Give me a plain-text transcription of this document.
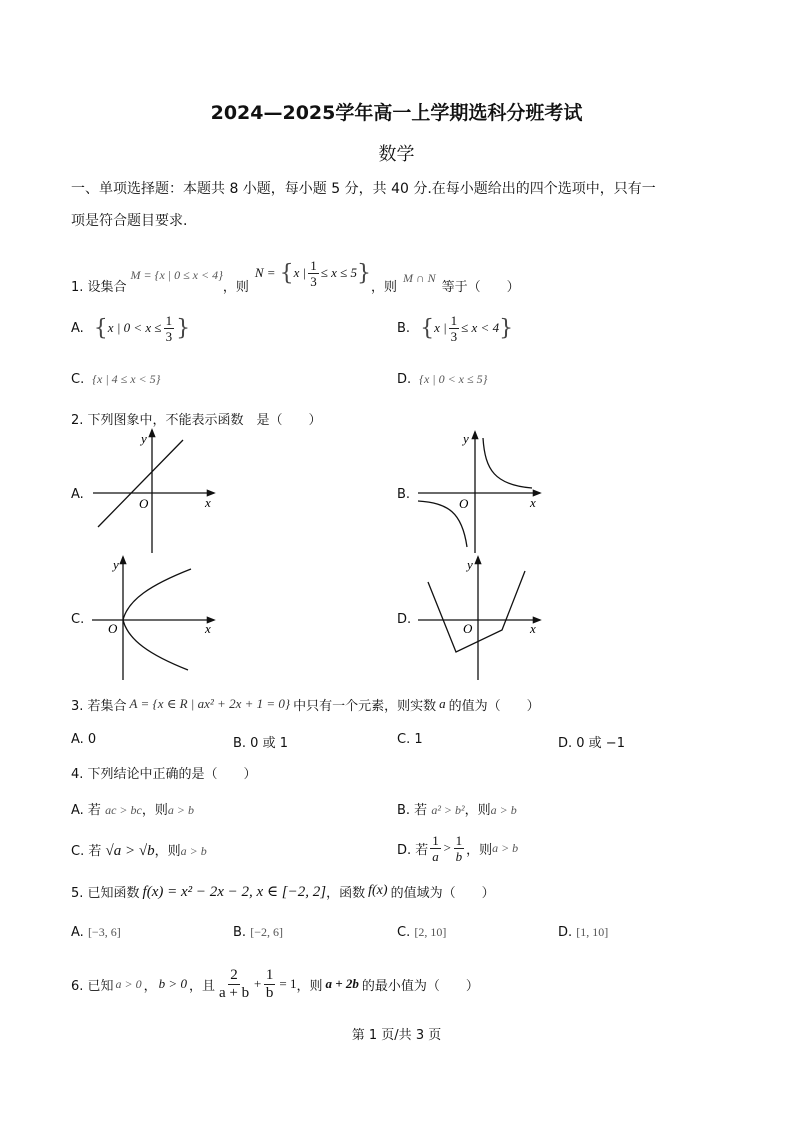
2024—2025学年高一上学期选科分班考试
数学
一、单项选择题：本题共 8 小题，每小题 5 分，共 40 分.在每小题给出的四个选项中，只有一
项是符合题目要求.
1. 设集合
M = {x | 0 ≤ x < 4}
，则
N = { x | $\frac{1}{3} \le x \le 5$ }
，则
M ∩ N
等于（　　）
A. { x | $0 < x \le \frac{1}{3}$ }	B. { x | $\frac{1}{3} \le x < 4$ }
C. {x | 4 ≤ x < 5}	D. {x | 0 < x ≤ 5}
2. 下列图象中，不能表示函数　是（　　）
A.	B.
C.	D.
y
x
O
y
x
O
y
x
O
y
x
O
3. 若集合 A = {x ∈ R | ax² + 2x + 1 = 0} 中只有一个元素，则实数 a 的值为（　　）
A. 0	B. 0 或 1	C. 1	D. 0 或 −1
4. 下列结论中正确的是（　　）
A. 若 ac > bc，则a > b	B. 若 a² > b²，则a > b
C. 若 √a > √b，则a > b	D. 若 $\frac{1}{a} > \frac{1}{b}$ ，则 a > b
5. 已知函数 f(x) = x² − 2x − 2, x ∈ [−2, 2] ，函数 f(x) 的值域为（　　）
A. [−3, 6]	B. [−2, 6]	C. [2, 10]	D. [1, 10]
6. 已知 a > 0 ， b > 0 ，且 $\frac{2}{a + b} + \frac{1}{b} = 1$ ，则 a + 2b 的最小值为（　　）
第 1 页/共 3 页
